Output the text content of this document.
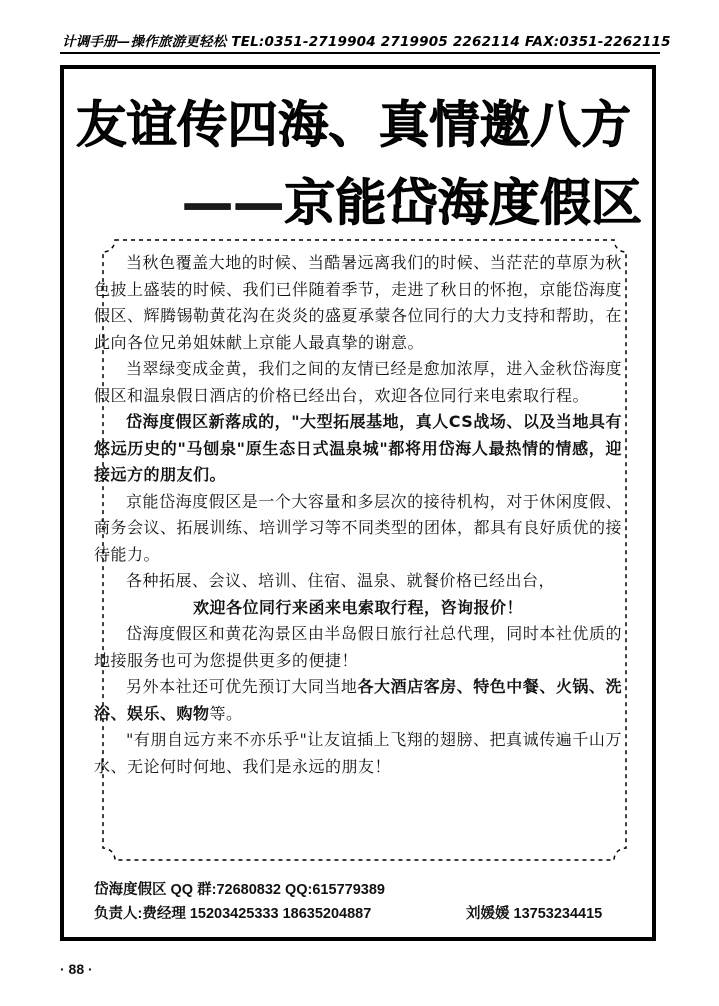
计调手册—操作旅游更轻松 TEL:0351-2719904 2719905 2262114 FAX:0351-2262115
友谊传四海、真情邀八方
——京能岱海度假区

当秋色覆盖大地的时候、当酷暑远离我们的时候、当茫茫的草原为秋色披上盛装的时候、我们已伴随着季节，走进了秋日的怀抱，京能岱海度假区、辉腾锡勒黄花沟在炎炎的盛夏承蒙各位同行的大力支持和帮助，在此向各位兄弟姐妹献上京能人最真挚的谢意。

当翠绿变成金黄，我们之间的友情已经是愈加浓厚，进入金秋岱海度假区和温泉假日酒店的价格已经出台，欢迎各位同行来电索取行程。

岱海度假区新落成的，"大型拓展基地，真人CS战场、以及当地具有悠远历史的"马刨泉"原生态日式温泉城"都将用岱海人最热情的情感，迎接远方的朋友们。

京能岱海度假区是一个大容量和多层次的接待机构，对于休闲度假、商务会议、拓展训练、培训学习等不同类型的团体，都具有良好质优的接待能力。

各种拓展、会议、培训、住宿、温泉、就餐价格已经出台，

欢迎各位同行来函来电索取行程，咨询报价！

岱海度假区和黄花沟景区由半岛假日旅行社总代理，同时本社优质的地接服务也可为您提供更多的便捷！

另外本社还可优先预订大同当地各大酒店客房、特色中餐、火锅、洗浴、娱乐、购物等。

"有朋自远方来不亦乐乎"让友谊插上飞翔的翅膀、把真诚传遍千山万水、无论何时何地、我们是永远的朋友！

岱海度假区 QQ 群:72680832 QQ:615779389
负责人:费经理 15203425333 18635204887	刘媛媛 13753234415
· 88 ·
